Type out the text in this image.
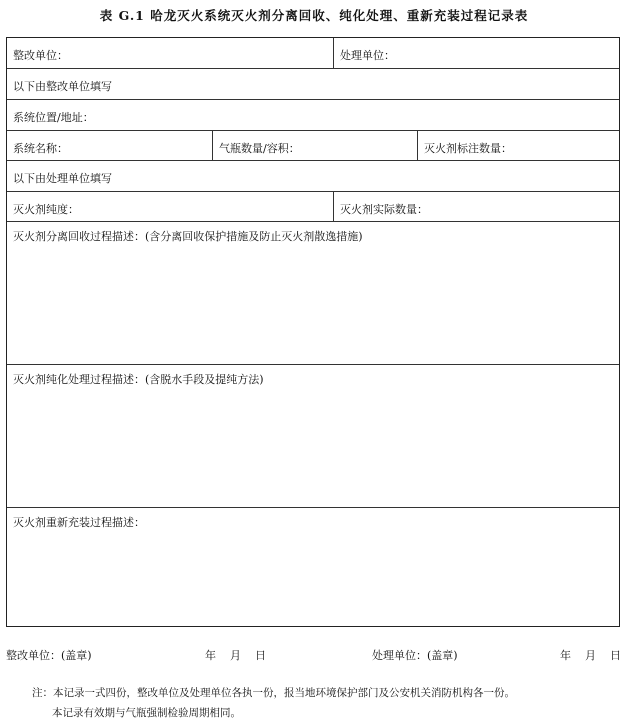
表 G.1 哈龙灭火系统灭火剂分离回收、纯化处理、重新充装过程记录表
整改单位：	处理单位：
以下由整改单位填写
系统位置/地址：
系统名称：	气瓶数量/容积：	灭火剂标注数量：
以下由处理单位填写
灭火剂纯度：	灭火剂实际数量：
灭火剂分离回收过程描述：(含分离回收保护措施及防止灭火剂散逸措施)
灭火剂纯化处理过程描述：(含脱水手段及提纯方法)
灭火剂重新充装过程描述：
整改单位：(盖章)	年    月    日	处理单位：(盖章)	年    月    日
注：本记录一式四份，整改单位及处理单位各执一份，报当地环境保护部门及公安机关消防机构各一份。
本记录有效期与气瓶强制检验周期相同。
